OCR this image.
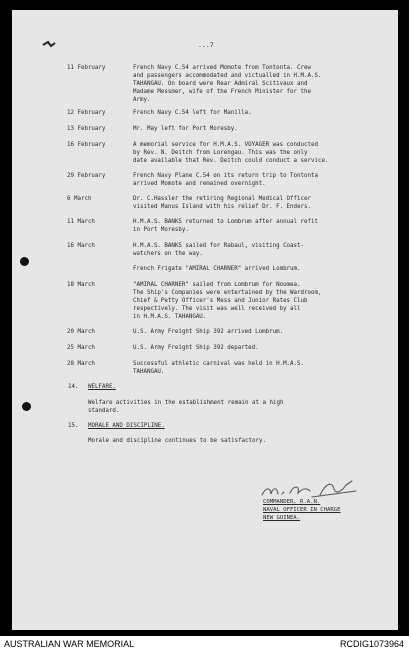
...7
11 February	French Navy C.54 arrived Momote from Tontonta. Crew
and passengers accommodated and victualled in H.M.A.S.
TAHANGAU. On board were Rear Admiral Scitivaux and
Madame Messmer, wife of the French Minister for the
Army.
12 February	French Navy C.54 left for Manilla.
13 February	Mr. May left for Port Moresby.
16 February	A memorial service for H.M.A.S. VOYAGER was conducted
by Rev. N. Deitch from Lorengau. This was the only
date available that Rev. Deitch could conduct a service.
29 February	French Navy Plane C.54 on its return trip to Tontonta
arrived Momote and remained overnight.
6 March	Dr. C.Hassler the retiring Regional Medical Officer
visited Manus Island with his relief Dr. F. Enders.
11 March	H.M.A.S. BANKS returned to Lombrum after annual refit
in Port Moresby.
16 March	H.M.A.S. BANKS sailed for Rabaul, visiting Coast-
watchers on the way.
French Frigate "AMIRAL CHARNER" arrived Lombrum.
18 March	"AMIRAL CHARNER" sailed from Lombrum for Noumea.
The Ship's Companies were entertained by the Wardroom,
Chief & Petty Officer's Mess and Junior Rates Club
respectively. The visit was well received by all
in H.M.A.S. TAHANGAU.
20 March	U.S. Army Freight Ship 392 arrived Lombrum.
25 March	U.S. Army Freight Ship 392 departed.
28 March	Successful athletic carnival was held in H.M.A.S.
TAHANGAU.
14. WELFARE.
Welfare activities in the establishment remain at a high
standard.
15. MORALE AND DISCIPLINE.
Morale and discipline continues to be satisfactory.
COMMANDER, R.A.N.
NAVAL OFFICER IN CHARGE
NEW GUINEA.
AUSTRALIAN WAR MEMORIAL	RCDIG1073964
